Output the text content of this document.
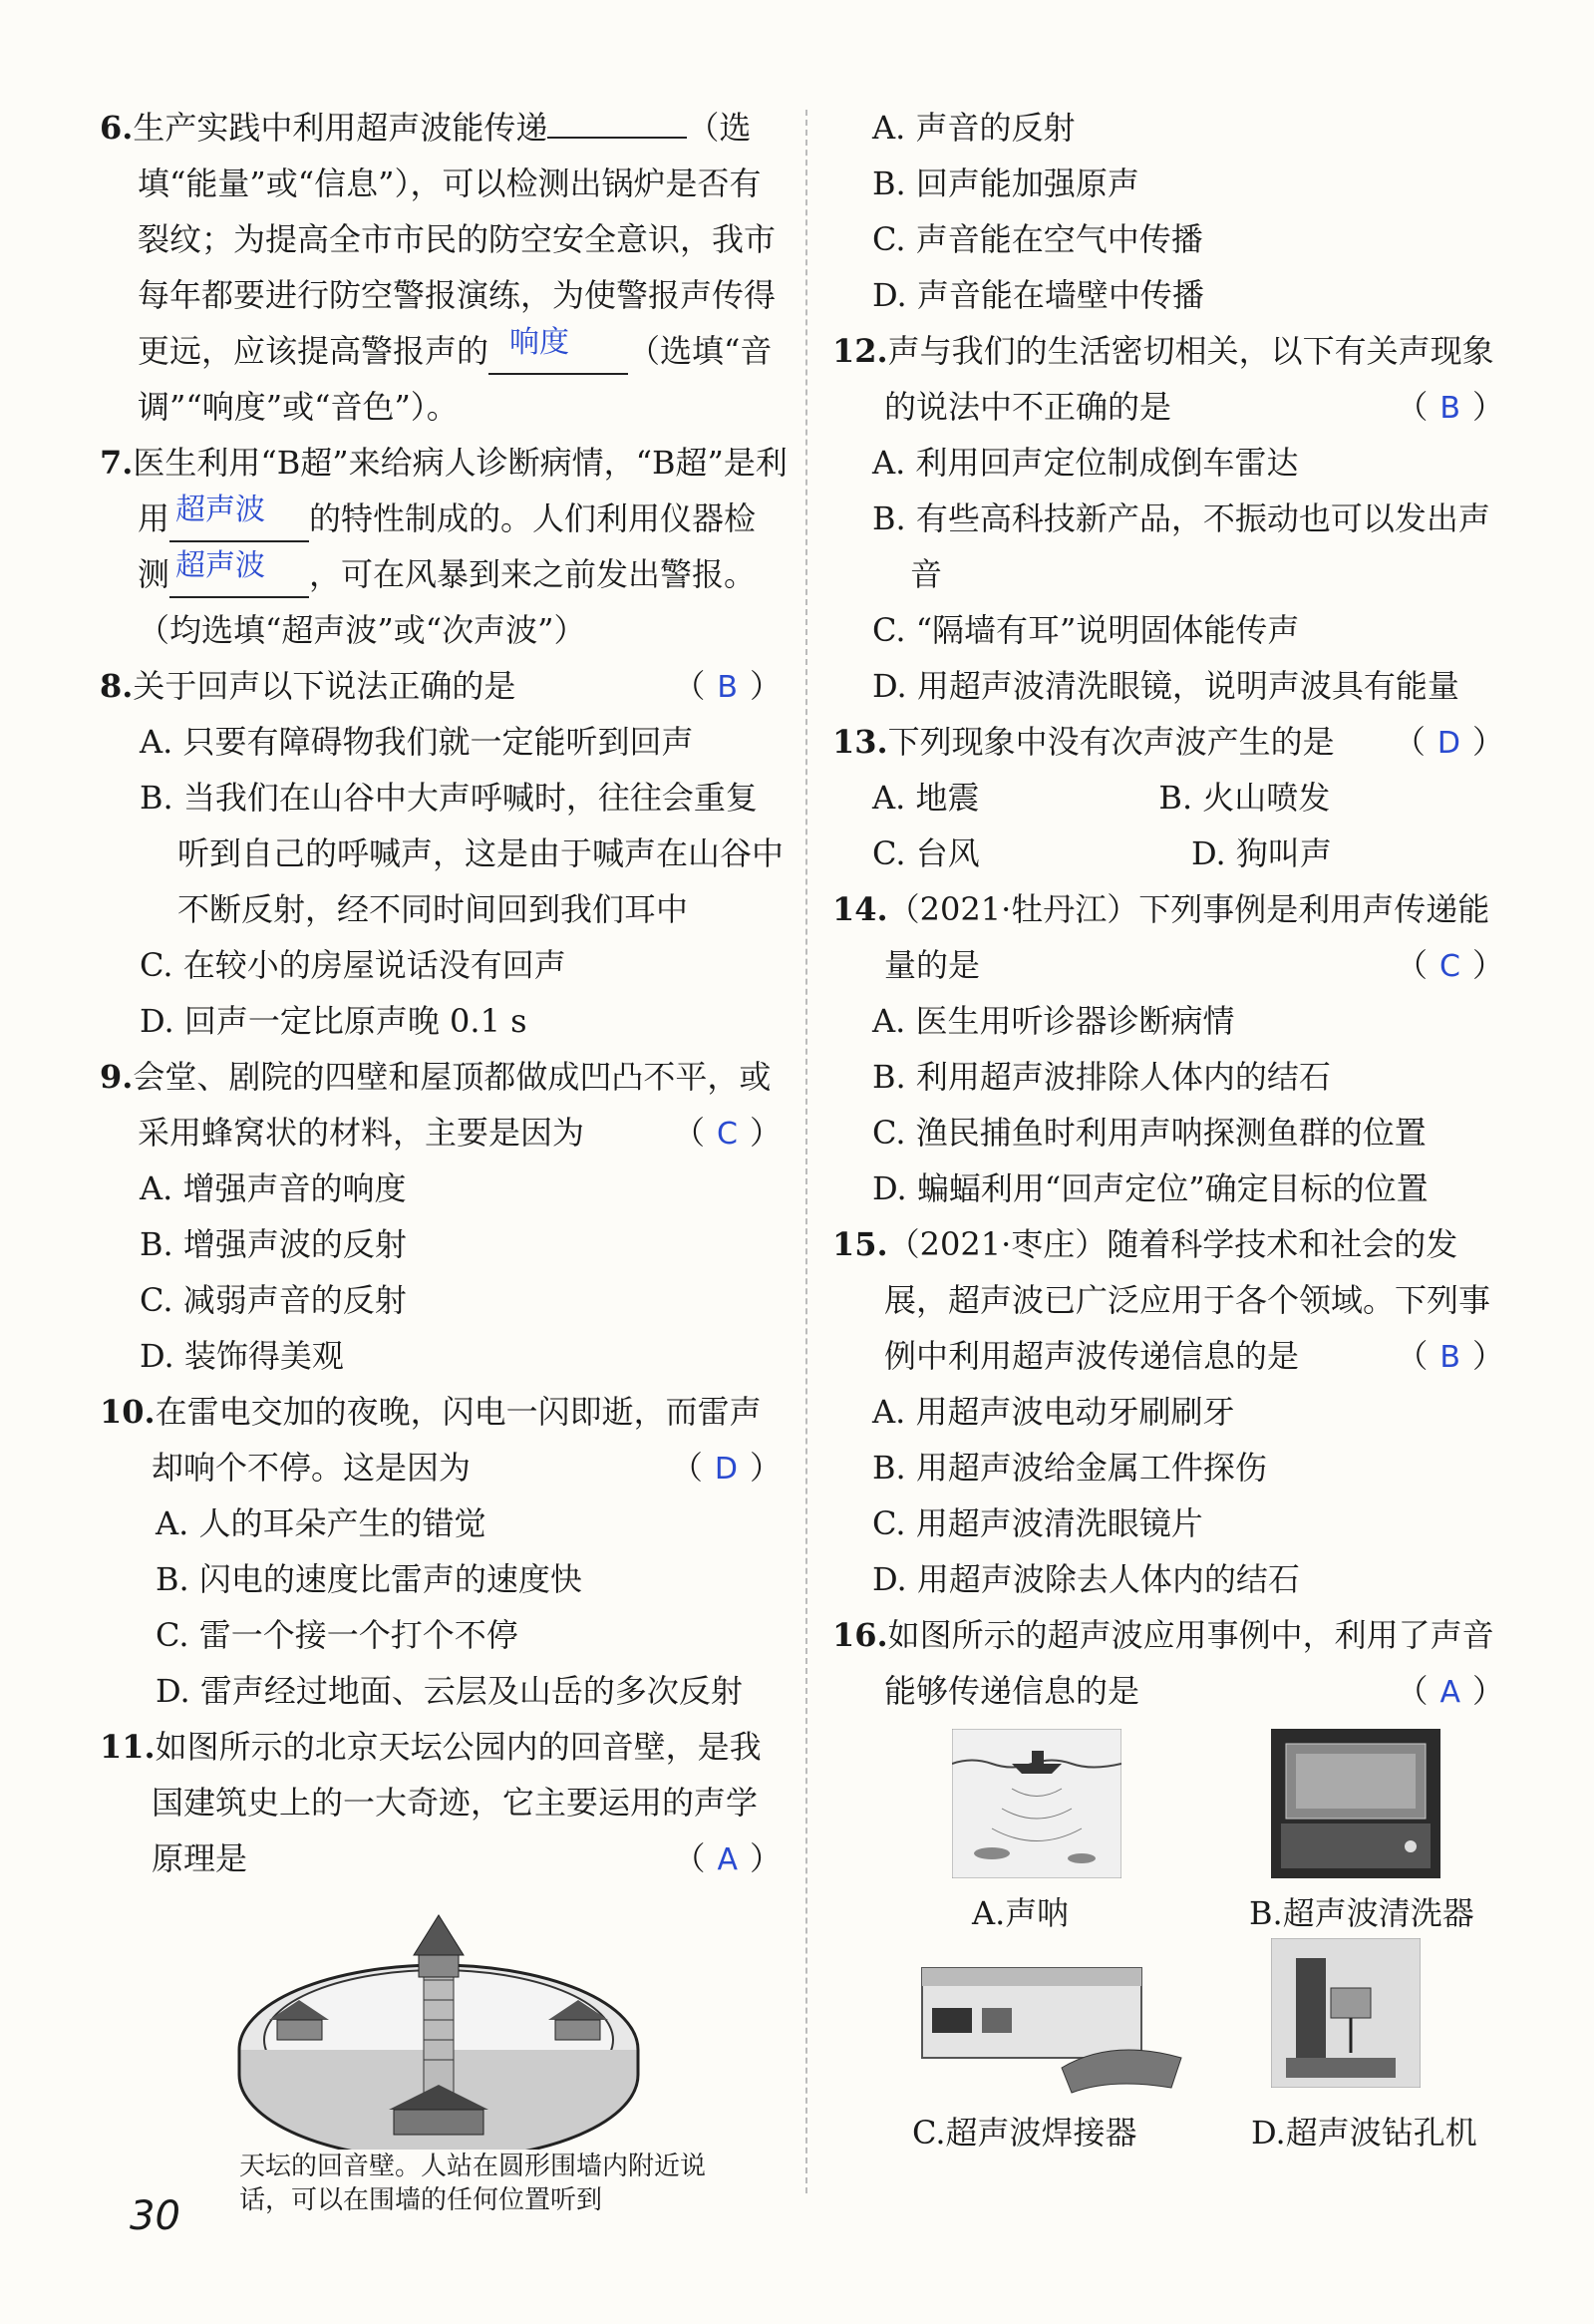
6.生产实践中利用超声波能传递	（选填“能量”或“信息”），可以检测出锅炉是否有裂纹；为提高全市市民的防空安全意识，我市每年都要进行防空警报演练，为使警报声传得更远，应该提高警报声的 响度 （选填“音调”“响度”或“音色”）。
7.医生利用“B超”来给病人诊断病情，“B超”是利用 超声波 的特性制成的。人们利用仪器检测 超声波 ，可在风暴到来之前发出警报。（均选填“超声波”或“次声波”）
8.关于回声以下说法正确的是	（ B ）
A. 只要有障碍物我们就一定能听到回声
B. 当我们在山谷中大声呼喊时，往往会重复听到自己的呼喊声，这是由于喊声在山谷中不断反射，经不同时间回到我们耳中
C. 在较小的房屋说话没有回声
D. 回声一定比原声晚 0.1 s
9.会堂、剧院的四壁和屋顶都做成凹凸不平，或采用蜂窝状的材料，主要是因为	（ C ）
A. 增强声音的响度
B. 增强声波的反射
C. 减弱声音的反射
D. 装饰得美观
10.在雷电交加的夜晚，闪电一闪即逝，而雷声却响个不停。这是因为	（ D ）
A. 人的耳朵产生的错觉
B. 闪电的速度比雷声的速度快
C. 雷一个接一个打个不停
D. 雷声经过地面、云层及山岳的多次反射
11.如图所示的北京天坛公园内的回音壁，是我国建筑史上的一大奇迹，它主要运用的声学原理是	（ A ）
天坛的回音壁。人站在圆形围墙内附近说话，可以在围墙的任何位置听到
A. 声音的反射
B. 回声能加强原声
C. 声音能在空气中传播
D. 声音能在墙壁中传播
12.声与我们的生活密切相关，以下有关声现象的说法中不正确的是	（ B ）
A. 利用回声定位制成倒车雷达
B. 有些高科技新产品，不振动也可以发出声音
C. “隔墙有耳”说明固体能传声
D. 用超声波清洗眼镜，说明声波具有能量
13.下列现象中没有次声波产生的是 （ D ）
A. 地震	B. 火山喷发
C. 台风	D. 狗叫声
14.（2021·牡丹江）下列事例是利用声传递能量的是	（ C ）
A. 医生用听诊器诊断病情
B. 利用超声波排除人体内的结石
C. 渔民捕鱼时利用声呐探测鱼群的位置
D. 蝙蝠利用“回声定位”确定目标的位置
15.（2021·枣庄）随着科学技术和社会的发展，超声波已广泛应用于各个领域。下列事例中利用超声波传递信息的是	（ B ）
A. 用超声波电动牙刷刷牙
B. 用超声波给金属工件探伤
C. 用超声波清洗眼镜片
D. 用超声波除去人体内的结石
16.如图所示的超声波应用事例中，利用了声音能够传递信息的是	（ A ）
A.声呐	B.超声波清洗器
C.超声波焊接器	D.超声波钻孔机
30
